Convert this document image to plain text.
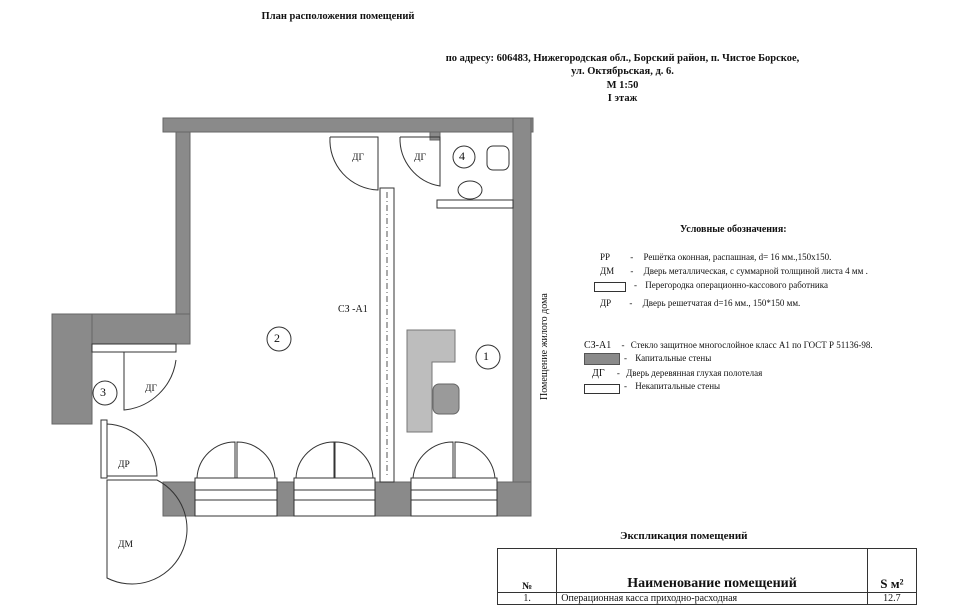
План расположения помещений
по адресу: 606483, Нижегородская обл., Борский район, п. Чистое Борское,
ул. Октябрьская, д. 6.
М 1:50
I этаж
2
1
3
4
ДГ	ДГ
ДГ
ДР
ДМ
СЗ -А1	Помещение жилого дома
Условные обозначения:
РР - Решётка оконная, распашная, d= 16 мм.,150х150.
ДМ - Дверь металлическая, с суммарной толщиной листа 4 мм .
- Перегородка операционно-кассового работника
ДР - Дверь решетчатая d=16 мм., 150*150 мм.
СЗ-А1 - Стекло защитное многослойное класс А1 по ГОСТ Р 51136-98.
- Капитальные стены
ДГ - Дверь деревянная глухая полотелая
- Некапитальные стены
Экспликация помещений
№	Наименование помещений	S м²
1.	Операционная касса приходно-расходная	12.7
